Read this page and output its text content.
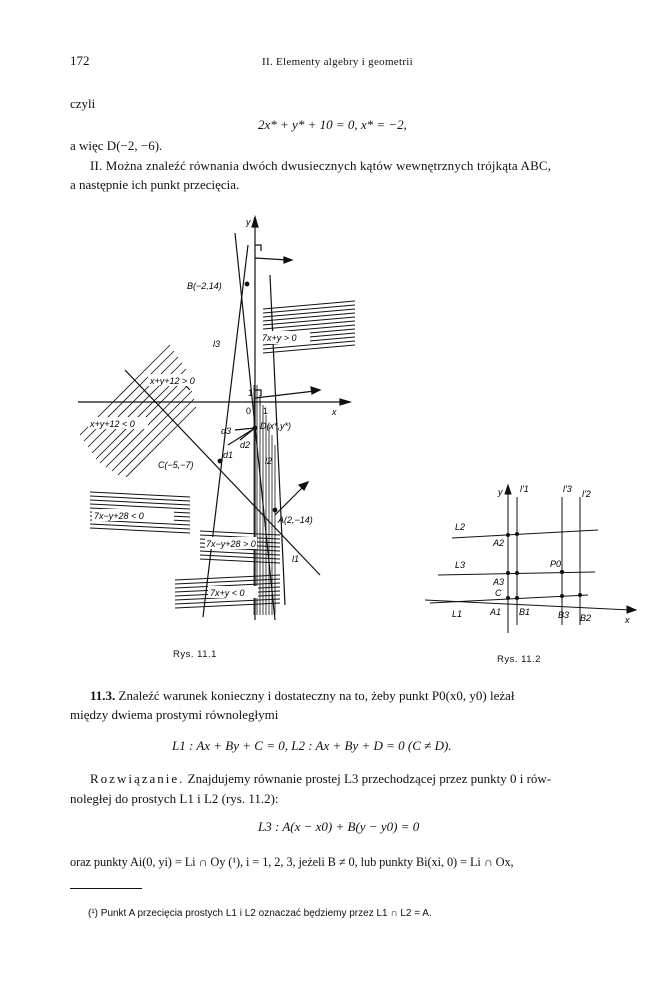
172	II. Elementy algebry i geometrii
czyli
2x* + y* + 10 = 0, x* = −2,
a więc D(−2, −6).
II. Można znaleźć równania dwóch dwusiecznych kątów wewnętrznych trójkąta ABC,
a następnie ich punkt przecięcia.
y
x
0 1
1
B(−2,14)
C(−5,−7)
A(2,−14)
D(x*,y*)
l1
l2
l3
d1
d2
d3
7x+y > 0
x+y+12 > 0
x+y+12 < 0
7x−y+28 < 0
7x−y+28 > 0
7x+y < 0
Rys. 11.1
y
x
l'1	l'3 l'2
L2
L3
L1
A2
A3
C
A1 B1	B3 B2
P0
Rys. 11.2
11.3. Znaleźć warunek konieczny i dostateczny na to, żeby punkt P0(x0, y0) leżał
między dwiema prostymi równoległymi
L1 : Ax + By + C = 0, L2 : Ax + By + D = 0 (C ≠ D).
Rozwiązanie. Znajdujemy równanie prostej L3 przechodzącej przez punkty 0 i rów-
noległej do prostych L1 i L2 (rys. 11.2):
L3 : A(x − x0) + B(y − y0) = 0
oraz punkty Ai(0, yi) = Li ∩ Oy (¹), i = 1, 2, 3, jeżeli B ≠ 0, lub punkty Bi(xi, 0) = Li ∩ Ox,
(¹) Punkt A przecięcia prostych L1 i L2 oznaczać będziemy przez L1 ∩ L2 = A.
